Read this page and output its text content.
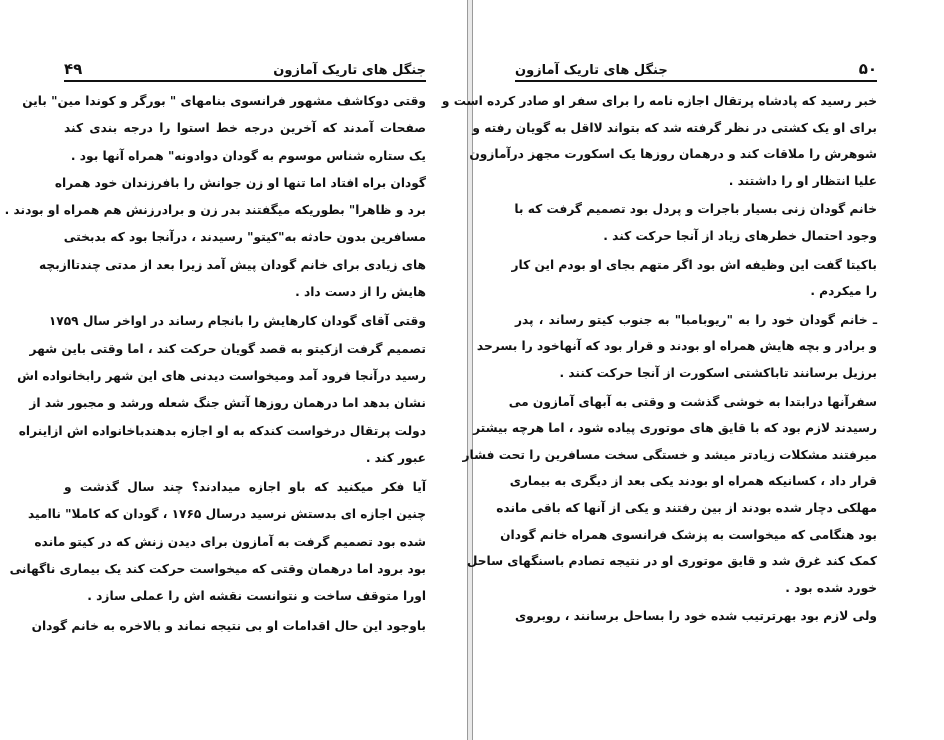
۴۹	جنگل های تاریک آمازون
وقتی دوکاشف مشهور فرانسوی بنامهای " بورگر و کوندا مین" باین
صفحات آمدند که آخرین درجه خط استوا را درجه بندی کند
یک ستاره شناس موسوم به گودان دوادونه" همراه آنها بود .
گودان براه افتاد اما تنها او زن جوانش را بافرزندان خود همراه
برد و ظاهرا" بطوریکه میگفتند بدر زن و برادرزنش هم همراه او بودند .
مسافرین بدون حادثه به"کیتو" رسیدند ، درآنجا بود که بدبختی
های زیادی برای خانم گودان پیش آمد زیرا بعد از مدتی چندتاازبچه
هایش را از دست داد .
وقتی آقای گودان کارهایش را بانجام رساند در اواخر سال ۱۷۵۹
تصمیم گرفت ازکیتو به قصد گویان حرکت کند ، اما وقتی باین شهر
رسید درآنجا فرود آمد ومیخواست دیدنی های این شهر رابخانواده اش
نشان بدهد اما درهمان روزها آتش جنگ شعله ورشد و مجبور شد از
دولت پرتقال درخواست کندکه به او اجازه بدهندباخانواده اش ازاینراه
عبور کند .
آیا فکر میکنید که باو اجازه میدادند؟ چند سال گذشت و
چنین اجازه ای بدستش نرسید درسال ۱۷۶۵ ، گودان که کاملا" ناامید
شده بود تصمیم گرفت به آمازون برای دیدن زنش که در کیتو مانده
بود برود اما درهمان وقتی که میخواست حرکت کند یک بیماری ناگهانی
اورا متوقف ساخت و نتوانست نقشه اش را عملی سازد .
باوجود این حال اقدامات او بی نتیجه نماند و بالاخره به خانم گودان
جنگل های تاریک آمازون	۵۰
خبر رسید که پادشاه پرتقال اجازه نامه را برای سفر او صادر کرده است و
برای او یک کشتی در نظر گرفته شد که بتواند لااقل به گویان رفته و
شوهرش را ملاقات کند و درهمان روزها یک اسکورت مجهز درآمازون
علیا انتظار او را داشتند .
خانم گودان زنی بسیار باجرات و پردل بود تصمیم گرفت که با
وجود احتمال خطرهای زیاد از آنجا حرکت کند .
باکیتا گفت این وظیفه اش بود اگر متهم بجای او بودم این کار
را میکردم .
ـ خانم گودان خود را به "ریوبامبا" به جنوب کیتو رساند ، پدر
و برادر و بچه هایش همراه او بودند و قرار بود که آنهاخود را بسرحد
برزیل برسانند تاباکشتی اسکورت از آنجا حرکت کنند .
سفرآنها درابتدا به خوشی گذشت و وقتی به آبهای آمازون می
رسیدند لازم بود که با قایق های موتوری پیاده شود ، اما هرچه بیشتر
میرفتند مشکلات زیادتر میشد و خستگی سخت مسافرین را تحت فشار
قرار داد ، کسانیکه همراه او بودند یکی بعد از دیگری به بیماری
مهلکی دچار شده بودند از بین رفتند و یکی از آنها که باقی مانده
بود هنگامی که میخواست به پزشک فرانسوی همراه خانم گودان
کمک کند غرق شد و قایق موتوری او در نتیجه تصادم باسنگهای ساحل
خورد شده بود .
ولی لازم بود بهرترتیب شده خود را بساحل برسانند ، روبروی
